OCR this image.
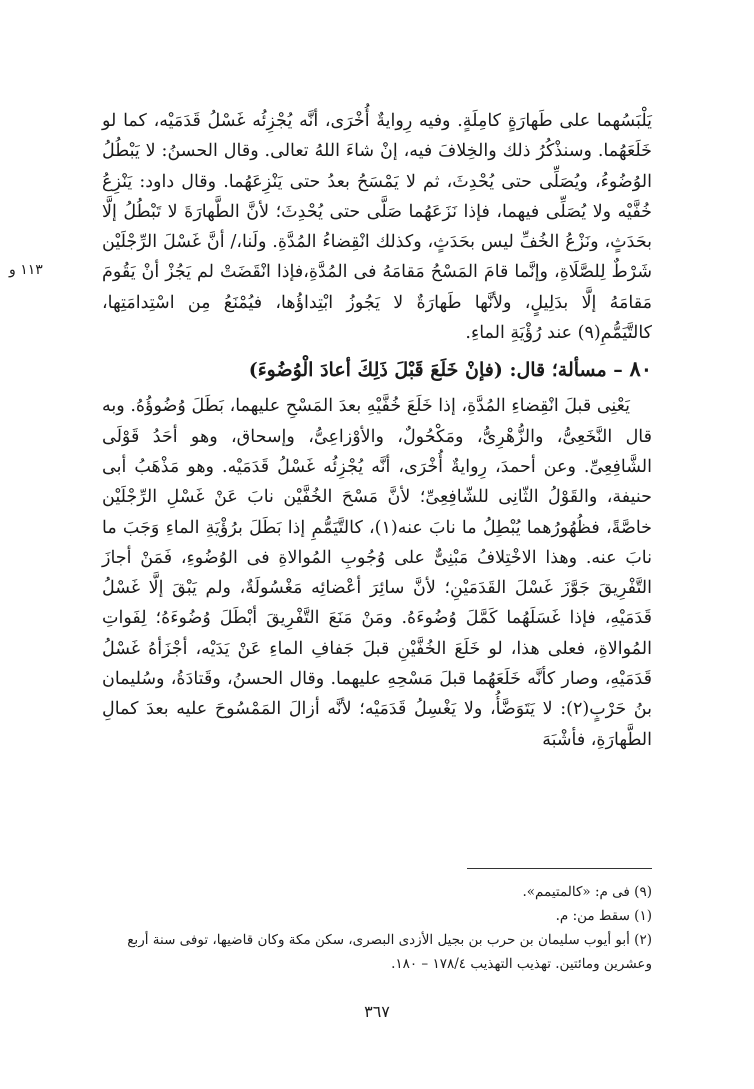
١١٣ و

يَلْبَسُهما على طَهارَةٍ كامِلَةٍ. وفيه رِوايةٌ أُخْرَى، أنَّه يُجْزِئُه غَسْلُ قَدَمَيْه، كما لو خَلَعَهُما. وسنذْكُرُ ذلك والخِلافَ فيه، إنْ شاءَ اللهُ تعالى. وقال الحسنُ: لا يَبْطُلُ الوُضُوءُ، ويُصَلِّى حتى يُحْدِثَ، ثم لا يَمْسَحُ بعدُ حتى يَنْزِعَهُما. وقال داود: يَنْزِعُ خُفَّيْه ولا يُصَلِّى فيهما، فإذا نَزَعَهُما صَلَّى حتى يُحْدِثَ؛ لأنَّ الطَّهارَةَ لا تَبْطُلُ إلَّا بحَدَثٍ، ونَزْعُ الخُفِّ ليس بحَدَثٍ، وكذلك انْقِضاءُ المُدَّةِ. ولَنا،/ أنَّ غَسْلَ الرِّجْلَيْن شَرْطٌ لِلصَّلَاةِ، وإنَّما قامَ المَسْحُ مَقامَهُ فى المُدَّةِ،فإذا انْقَضَتْ لم يَجُزْ أنْ يَقُومَ مَقامَهُ إلَّا بدَلِيلٍ، ولأنَّها طَهارَةٌ لا يَجُوزُ ابْتِداؤُها، فيُمْنَعُ مِن اسْتِدامَتِها، كالتَّيَمُّمِ(٩) عند رُؤْيَةِ الماءِ.

٨٠ – مسألة؛ قال: (فإنْ خَلَعَ قَبْلَ ذَلِكَ أعادَ الْوُضُوءَ)

يَعْنِى قبلَ انْقِضاءِ المُدَّةِ، إذا خَلَعَ خُفَّيْهِ بعدَ المَسْحِ عليهما، بَطَلَ وُضُوؤُهُ. وبه قال النَّخَعِىُّ، والزُّهْرِىُّ، ومَكْحُولٌ، والأوْزاعِىُّ، وإسحاق، وهو أحَدُ قَوْلَى الشَّافِعِىِّ. وعن أحمدَ، رِوايةٌ أُخْرَى، أنَّه يُجْزِئُه غَسْلُ قَدَمَيْه. وهو مَذْهَبُ أبى حنيفة، والقَوْلُ الثّانِى للشّافِعِىِّ؛ لأنَّ مَسْحَ الخُفَّيْن نابَ عَنْ غَسْلِ الرِّجْلَيْن خاصَّةً، فظُهُورُهما يُبْطِلُ ما نابَ عنه(١)، كالتَّيَمُّمِ إذا بَطَلَ برُؤْيَةِ الماءِ وَجَبَ ما نابَ عنه. وهذا الاخْتِلافُ مَبْنِىٌّ على وُجُوبِ المُوالاةِ فى الوُضُوءِ، فَمَنْ أجازَ التَّفْرِيقَ جَوَّزَ غَسْلَ القَدَمَيْنِ؛ لأنَّ سائِرَ أعْضائِه مَغْسُولَةٌ، ولم يَبْقَ إلَّا غَسْلُ قَدَمَيْهِ، فإذا غَسَلَهُما كَمَّلَ وُضُوءَهُ. ومَنْ مَنَعَ التَّفْرِيقَ أبْطَلَ وُضُوءَهُ؛ لِفَواتِ المُوالاةِ، فعلى هذا، لو خَلَعَ الخُفَّيْنِ قبلَ جَفافِ الماءِ عَنْ يَدَيْه، أجْزَأهُ غَسْلُ قَدَمَيْهِ، وصار كأنَّه خَلَعَهُما قبلَ مَسْحِهِ عليهما. وقال الحسنُ، وقَتادَةُ، وسُليمان بنُ حَرْبٍ(٢): لا يَتَوَضَّأُ، ولا يَغْسِلُ قَدَمَيْه؛ لأنَّه أزالَ المَمْسُوحَ عليه بعدَ كمالِ الطَّهارَةِ، فأشْبَهَ

(٩) فى م: «كالمتيمم».

(١) سقط من: م.

(٢) أبو أيوب سليمان بن حرب بن بجيل الأزدى البصرى، سكن مكة وكان قاضيها، توفى سنة أربع وعشرين ومائتين. تهذيب التهذيب ١٧٨/٤ – ١٨٠.

٣٦٧
